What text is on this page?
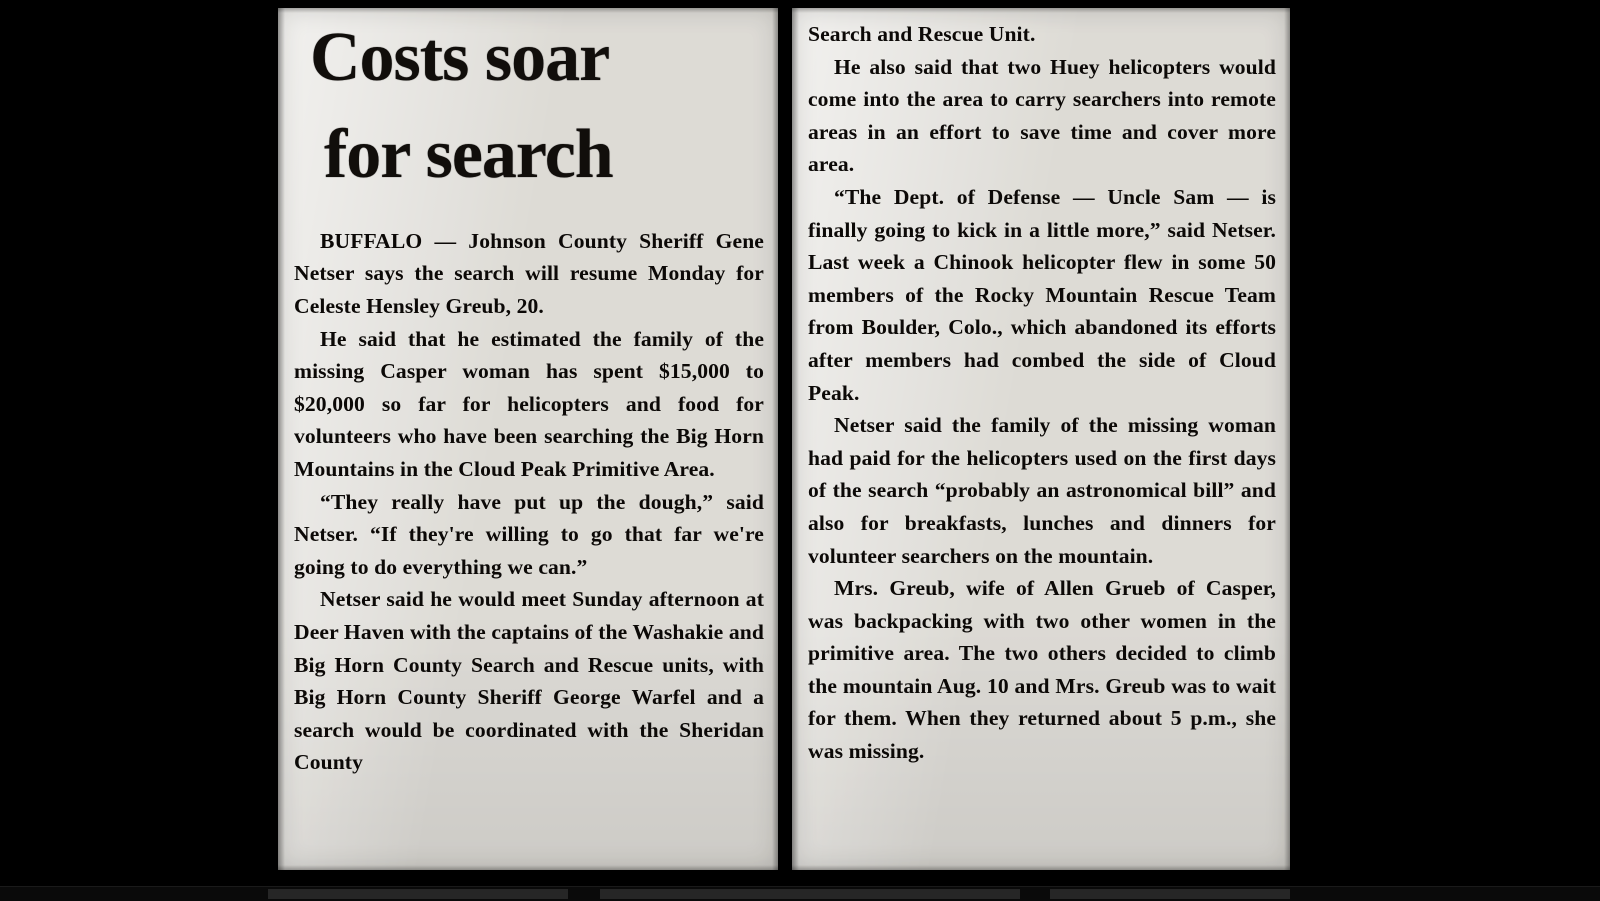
Costs soar
for search

BUFFALO — Johnson County Sheriff Gene Netser says the search will resume Monday for Celeste Hensley Greub, 20.

He said that he estimated the family of the missing Casper woman has spent $15,000 to $20,000 so far for helicopters and food for volunteers who have been searching the Big Horn Mountains in the Cloud Peak Primitive Area.

“They really have put up the dough,” said Netser. “If they're willing to go that far we're going to do everything we can.”

Netser said he would meet Sunday afternoon at Deer Haven with the captains of the Washakie and Big Horn County Search and Rescue units, with Big Horn County Sheriff George Warfel and a search would be coordinated with the Sheridan County

Search and Rescue Unit.

He also said that two Huey helicopters would come into the area to carry searchers into remote areas in an effort to save time and cover more area.

“The Dept. of Defense — Uncle Sam — is finally going to kick in a little more,” said Netser. Last week a Chinook helicopter flew in some 50 members of the Rocky Mountain Rescue Team from Boulder, Colo., which abandoned its efforts after members had combed the side of Cloud Peak.

Netser said the family of the missing woman had paid for the helicopters used on the first days of the search “probably an astronomical bill” and also for breakfasts, lunches and dinners for volunteer searchers on the mountain.

Mrs. Greub, wife of Allen Grueb of Casper, was backpacking with two other women in the primitive area. The two others decided to climb the mountain Aug. 10 and Mrs. Greub was to wait for them. When they returned about 5 p.m., she was missing.
